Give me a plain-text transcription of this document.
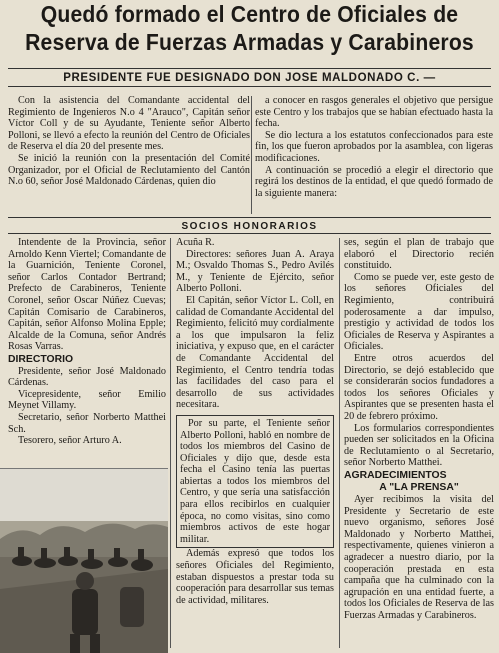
Quedó formado el Centro de Oficiales de
Reserva de Fuerzas Armadas y Carabineros
PRESIDENTE FUE DESIGNADO DON JOSE MALDONADO C. —

Con la asistencia del Comandante accidental del Regimiento de Ingenieros N.o 4 "Arauco", Capitán señor Víctor Coll y de su Ayudante, Teniente señor Alberto Polloni, se llevó a efecto la reunión del Centro de Oficiales de Reserva el día 20 del presente mes.

Se inició la reunión con la presentación del Comité Organizador, por el Oficial de Reclutamiento del Cantón N.o 60, señor José Maldonado Cárdenas, quien dio

a conocer en rasgos generales el objetivo que persigue este Centro y los trabajos que se habían efectuado hasta la fecha.

Se dio lectura a los estatutos confeccionados para este fin, los que fueron aprobados por la asamblea, con ligeras modificaciones.

A continuación se procedió a elegir el directorio que regirá los destinos de la entidad, el que quedó formado de la siguiente manera:

SOCIOS HONORARIOS

Intendente de la Provincia, señor Arnoldo Kenn Viertel; Comandante de la Guarnición, Teniente Coronel, señor Carlos Contador Bertrand; Prefecto de Carabineros, Teniente Coronel, señor Oscar Núñez Cuevas; Capitán Comisario de Carabineros, Capitán, señor Alfonso Molina Epple; Alcalde de la Comuna, señor Andrés Rosas Varras.

DIRECTORIO

Presidente, señor José Maldonado Cárdenas.

Vicepresidente, señor Emilio Meynet Villamy.

Secretario, señor Norberto Matthei Sch.

Tesorero, señor Arturo A.

Acuña R.

Directores: señores Juan A. Araya M.; Osvaldo Thomas S., Pedro Avilés M., y Teniente de Ejército, señor Alberto Polloni.

El Capitán, señor Víctor L. Coll, en calidad de Comandante Accidental del Regimiento, felicitó muy cordialmente a los que impulsaron la feliz iniciativa, y expuso que, en el carácter de Comandante Accidental del Regimiento, el Centro tendría todas las facilidades del caso para el desarrollo de sus actividades necesitara.

Por su parte, el Teniente señor Alberto Polloni, habló en nombre de todos los miembros del Casino de Oficiales y dijo que, desde esta fecha el Casino tenía las puertas abiertas a todos los miembros del Centro, y que sería una satisfacción para ellos recibirlos en cualquier época, no como visitas, sino como miembros activos de este hogar militar.

Además expresó que todos los señores Oficiales del Regimiento, estaban dispuestos a prestar toda su cooperación para desarrollar sus temas de actividad, militares.

ses, según el plan de trabajo que elaboró el Directorio recién constituido.

Como se puede ver, este gesto de los señores Oficiales del Regimiento, contribuirá poderosamente a dar impulso, prestigio y actividad de todos los Oficiales de Reserva y Aspirantes a Oficiales.

Entre otros acuerdos del Directorio, se dejó establecido que se considerarán socios fundadores a todos los señores Oficiales y Aspirantes que se presenten hasta el 20 de febrero próximo.

Los formularios correspondientes pueden ser solicitados en la Oficina de Reclutamiento o al Secretario, señor Norberto Matthei.

AGRADECIMIENTOS

A "LA PRENSA"

Ayer recibimos la visita del Presidente y Secretario de este nuevo organismo, señores José Maldonado y Norberto Matthei, respectivamente, quienes vinieron a agradecer a nuestro diario, por la cooperación prestada en esta campaña que ha culminado con la agrupación en una entidad fuerte, a todos los Oficiales de Reserva de las Fuerzas Armadas y Carabineros.
